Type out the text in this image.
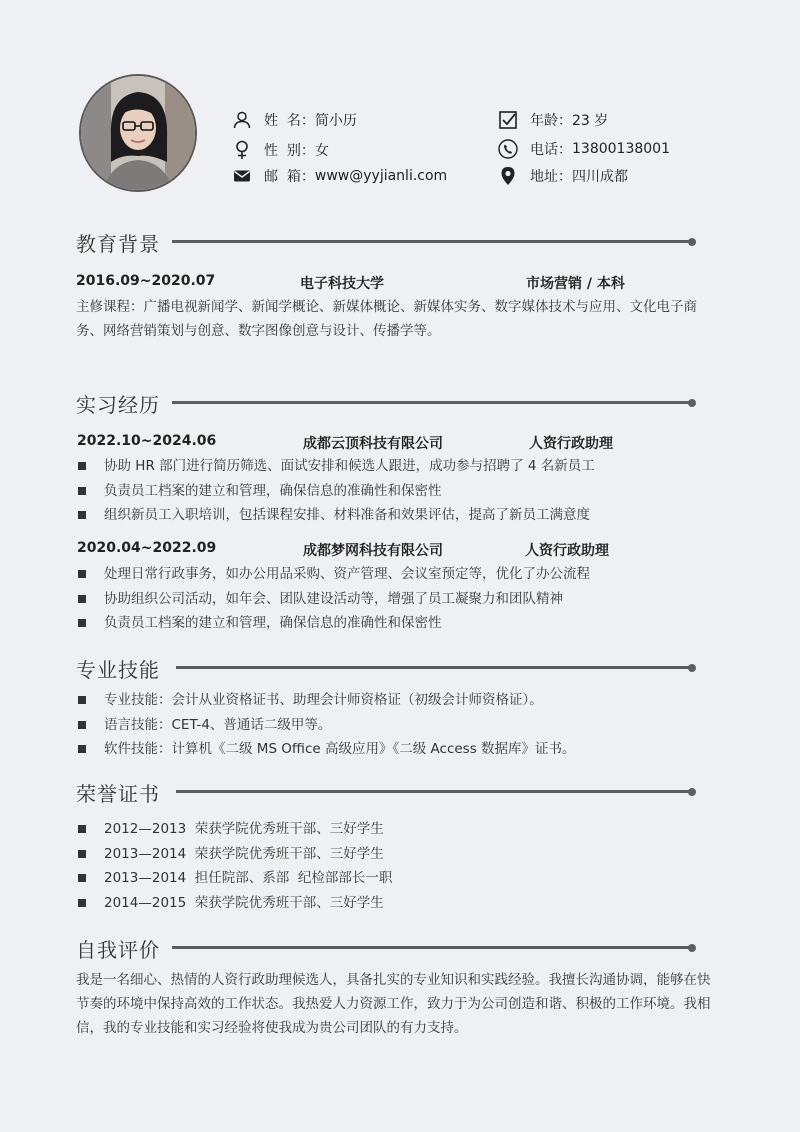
姓  名： 简小历
性  别： 女
邮  箱： www@yyjianli.com
年龄： 23 岁
电话： 13800138001
地址： 四川成都
教育背景
2016.09~2020.07	电子科技大学	市场营销 / 本科
主修课程：广播电视新闻学、新闻学概论、新媒体概论、新媒体实务、数字媒体技术与应用、文化电子商务、网络营销策划与创意、数字图像创意与设计、传播学等。
实习经历
2022.10~2024.06	成都云顶科技有限公司	人资行政助理
协助 HR 部门进行简历筛选、面试安排和候选人跟进，成功参与招聘了 4 名新员工
负责员工档案的建立和管理，确保信息的准确性和保密性
组织新员工入职培训，包括课程安排、材料准备和效果评估，提高了新员工满意度
2020.04~2022.09	成都梦网科技有限公司	人资行政助理
处理日常行政事务，如办公用品采购、资产管理、会议室预定等，优化了办公流程
协助组织公司活动，如年会、团队建设活动等，增强了员工凝聚力和团队精神
负责员工档案的建立和管理，确保信息的准确性和保密性
专业技能
专业技能：会计从业资格证书、助理会计师资格证（初级会计师资格证）。
语言技能：CET-4、普通话二级甲等。
软件技能：计算机《二级 MS Office 高级应用》《二级 Access 数据库》证书。
荣誉证书
2012—2013  荣获学院优秀班干部、三好学生
2013—2014  荣获学院优秀班干部、三好学生
2013—2014  担任院部、系部  纪检部部长一职
2014—2015  荣获学院优秀班干部、三好学生
自我评价
我是一名细心、热情的人资行政助理候选人，具备扎实的专业知识和实践经验。我擅长沟通协调，能够在快节奏的环境中保持高效的工作状态。我热爱人力资源工作，致力于为公司创造和谐、积极的工作环境。我相信，我的专业技能和实习经验将使我成为贵公司团队的有力支持。
